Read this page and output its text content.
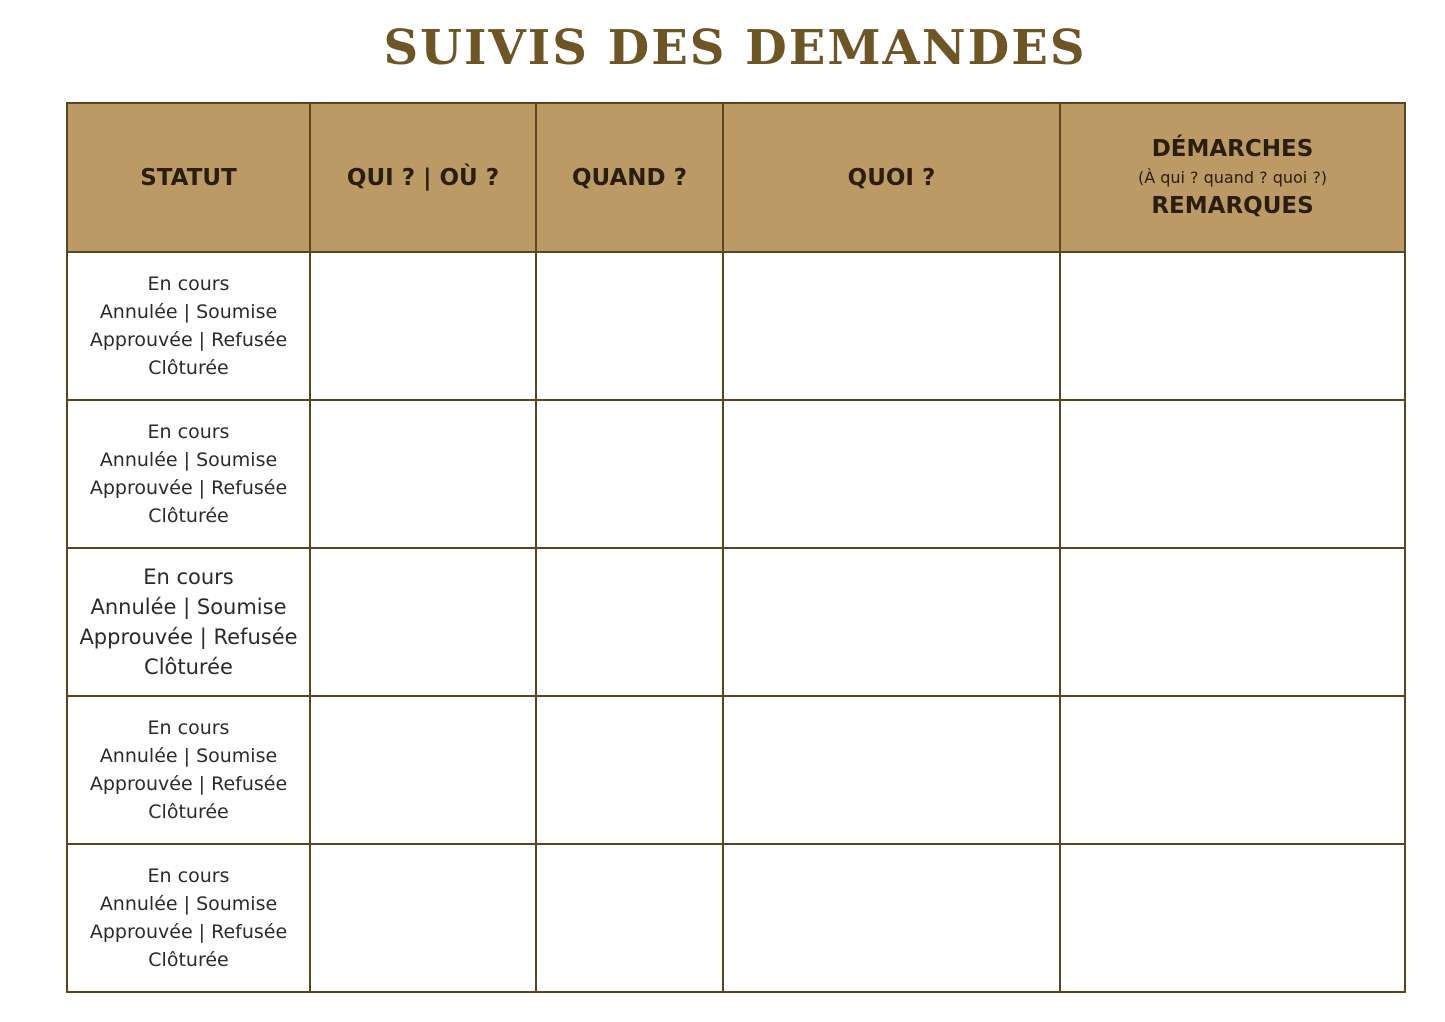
SUIVIS DES DEMANDES
STATUT	QUI ? | OÙ ?	QUAND ?	QUOI ?	DÉMARCHES
(À qui ? quand ? quoi ?)
REMARQUES

En cours
Annulée | Soumise
Approuvée | Refusée
Clôturée				

En cours
Annulée | Soumise
Approuvée | Refusée
Clôturée				

En cours
Annulée | Soumise
Approuvée | Refusée
Clôturée				

En cours
Annulée | Soumise
Approuvée | Refusée
Clôturée				

En cours
Annulée | Soumise
Approuvée | Refusée
Clôturée				
